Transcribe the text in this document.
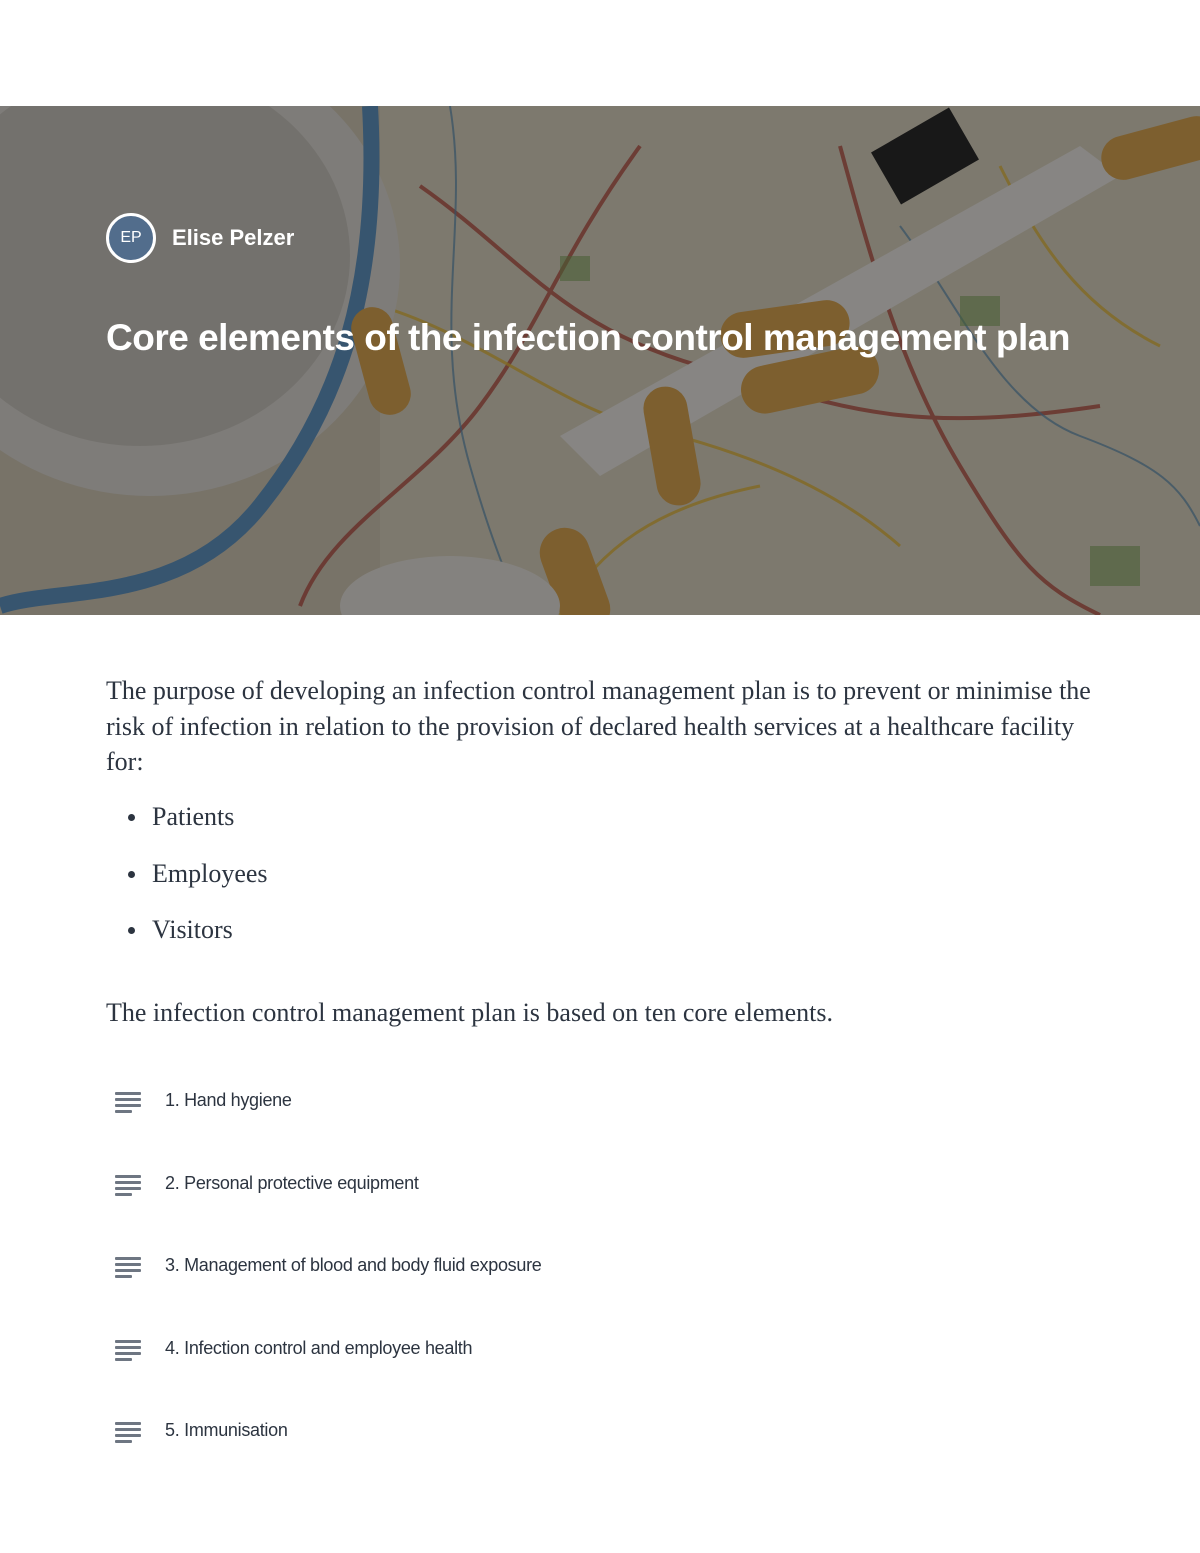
EP	Elise Pelzer
Core elements of the infection control management plan

The purpose of developing an infection control management plan is to prevent or minimise the risk of infection in relation to the provision of declared health services at a healthcare facility for:

Patients
Employees
Visitors

The infection control management plan is based on ten core elements.

1. Hand hygiene
2. Personal protective equipment
3. Management of blood and body fluid exposure
4. Infection control and employee health
5. Immunisation
